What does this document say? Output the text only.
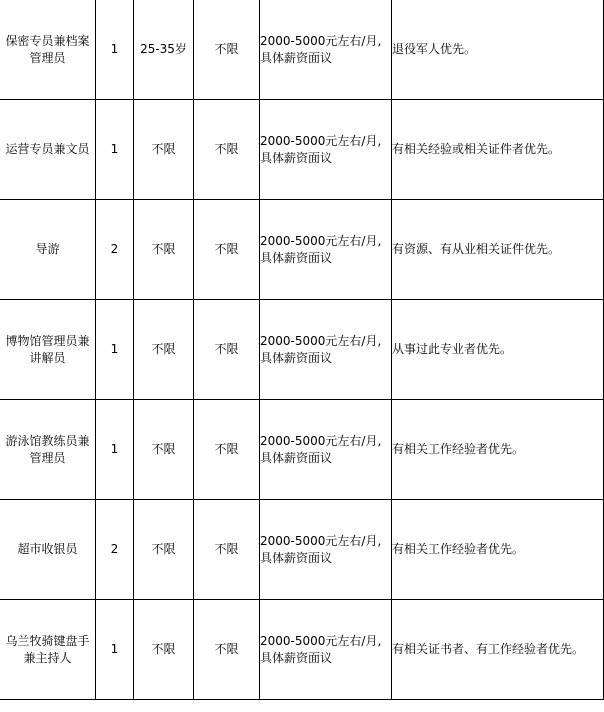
保密专员兼档案管理员	1	25-35岁	不限	2000-5000元左右/月,
具体薪资面议	退役军人优先。
运营专员兼文员	1	不限	不限	2000-5000元左右/月,
具体薪资面议	有相关经验或相关证件者优先。
导游	2	不限	不限	2000-5000元左右/月,
具体薪资面议	有资源、有从业相关证件优先。
博物馆管理员兼讲解员	1	不限	不限	2000-5000元左右/月,
具体薪资面议	从事过此专业者优先。
游泳馆教练员兼管理员	1	不限	不限	2000-5000元左右/月,
具体薪资面议	有相关工作经验者优先。
超市收银员	2	不限	不限	2000-5000元左右/月,
具体薪资面议	有相关工作经验者优先。
乌兰牧骑键盘手兼主持人	1	不限	不限	2000-5000元左右/月,
具体薪资面议	有相关证书者、有工作经验者优先。
